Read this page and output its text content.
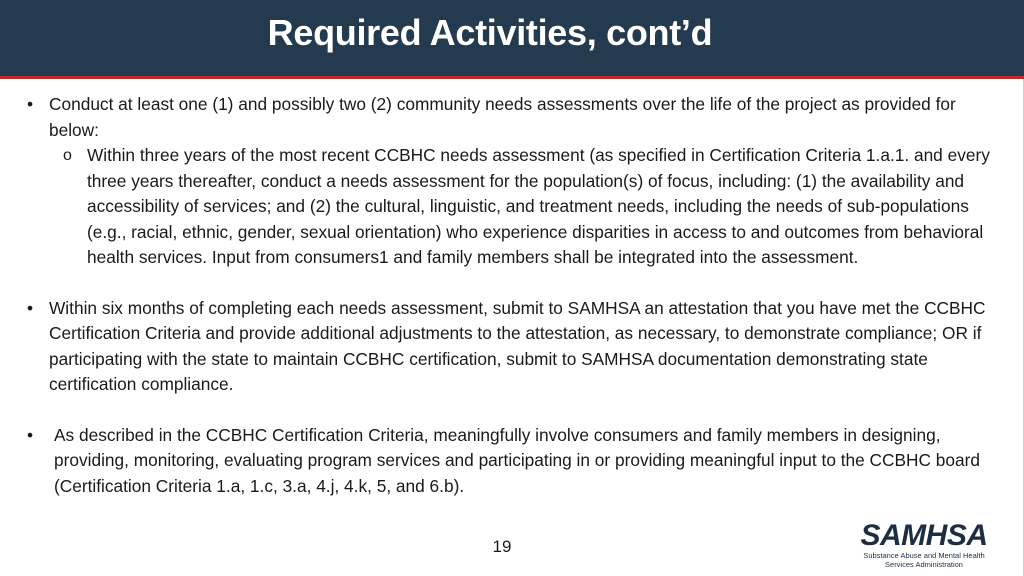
Required Activities, cont’d
• Conduct at least one (1) and possibly two (2) community needs assessments over the life of the project as provided for below:
o Within three years of the most recent CCBHC needs assessment (as specified in Certification Criteria 1.a.1. and every three years thereafter, conduct a needs assessment for the population(s) of focus, including: (1) the availability and accessibility of services; and (2) the cultural, linguistic, and treatment needs, including the needs of sub-populations (e.g., racial, ethnic, gender, sexual orientation) who experience disparities in access to and outcomes from behavioral health services. Input from consumers1 and family members shall be integrated into the assessment.
• Within six months of completing each needs assessment, submit to SAMHSA an attestation that you have met the CCBHC Certification Criteria and provide additional adjustments to the attestation, as necessary, to demonstrate compliance; OR if participating with the state to maintain CCBHC certification, submit to SAMHSA documentation demonstrating state certification compliance.
• As described in the CCBHC Certification Criteria, meaningfully involve consumers and family members in designing, providing, monitoring, evaluating program services and participating in or providing meaningful input to the CCBHC board (Certification Criteria 1.a, 1.c, 3.a, 4.j, 4.k, 5, and 6.b).
19	SAMHSA
Substance Abuse and Mental Health
Services Administration
